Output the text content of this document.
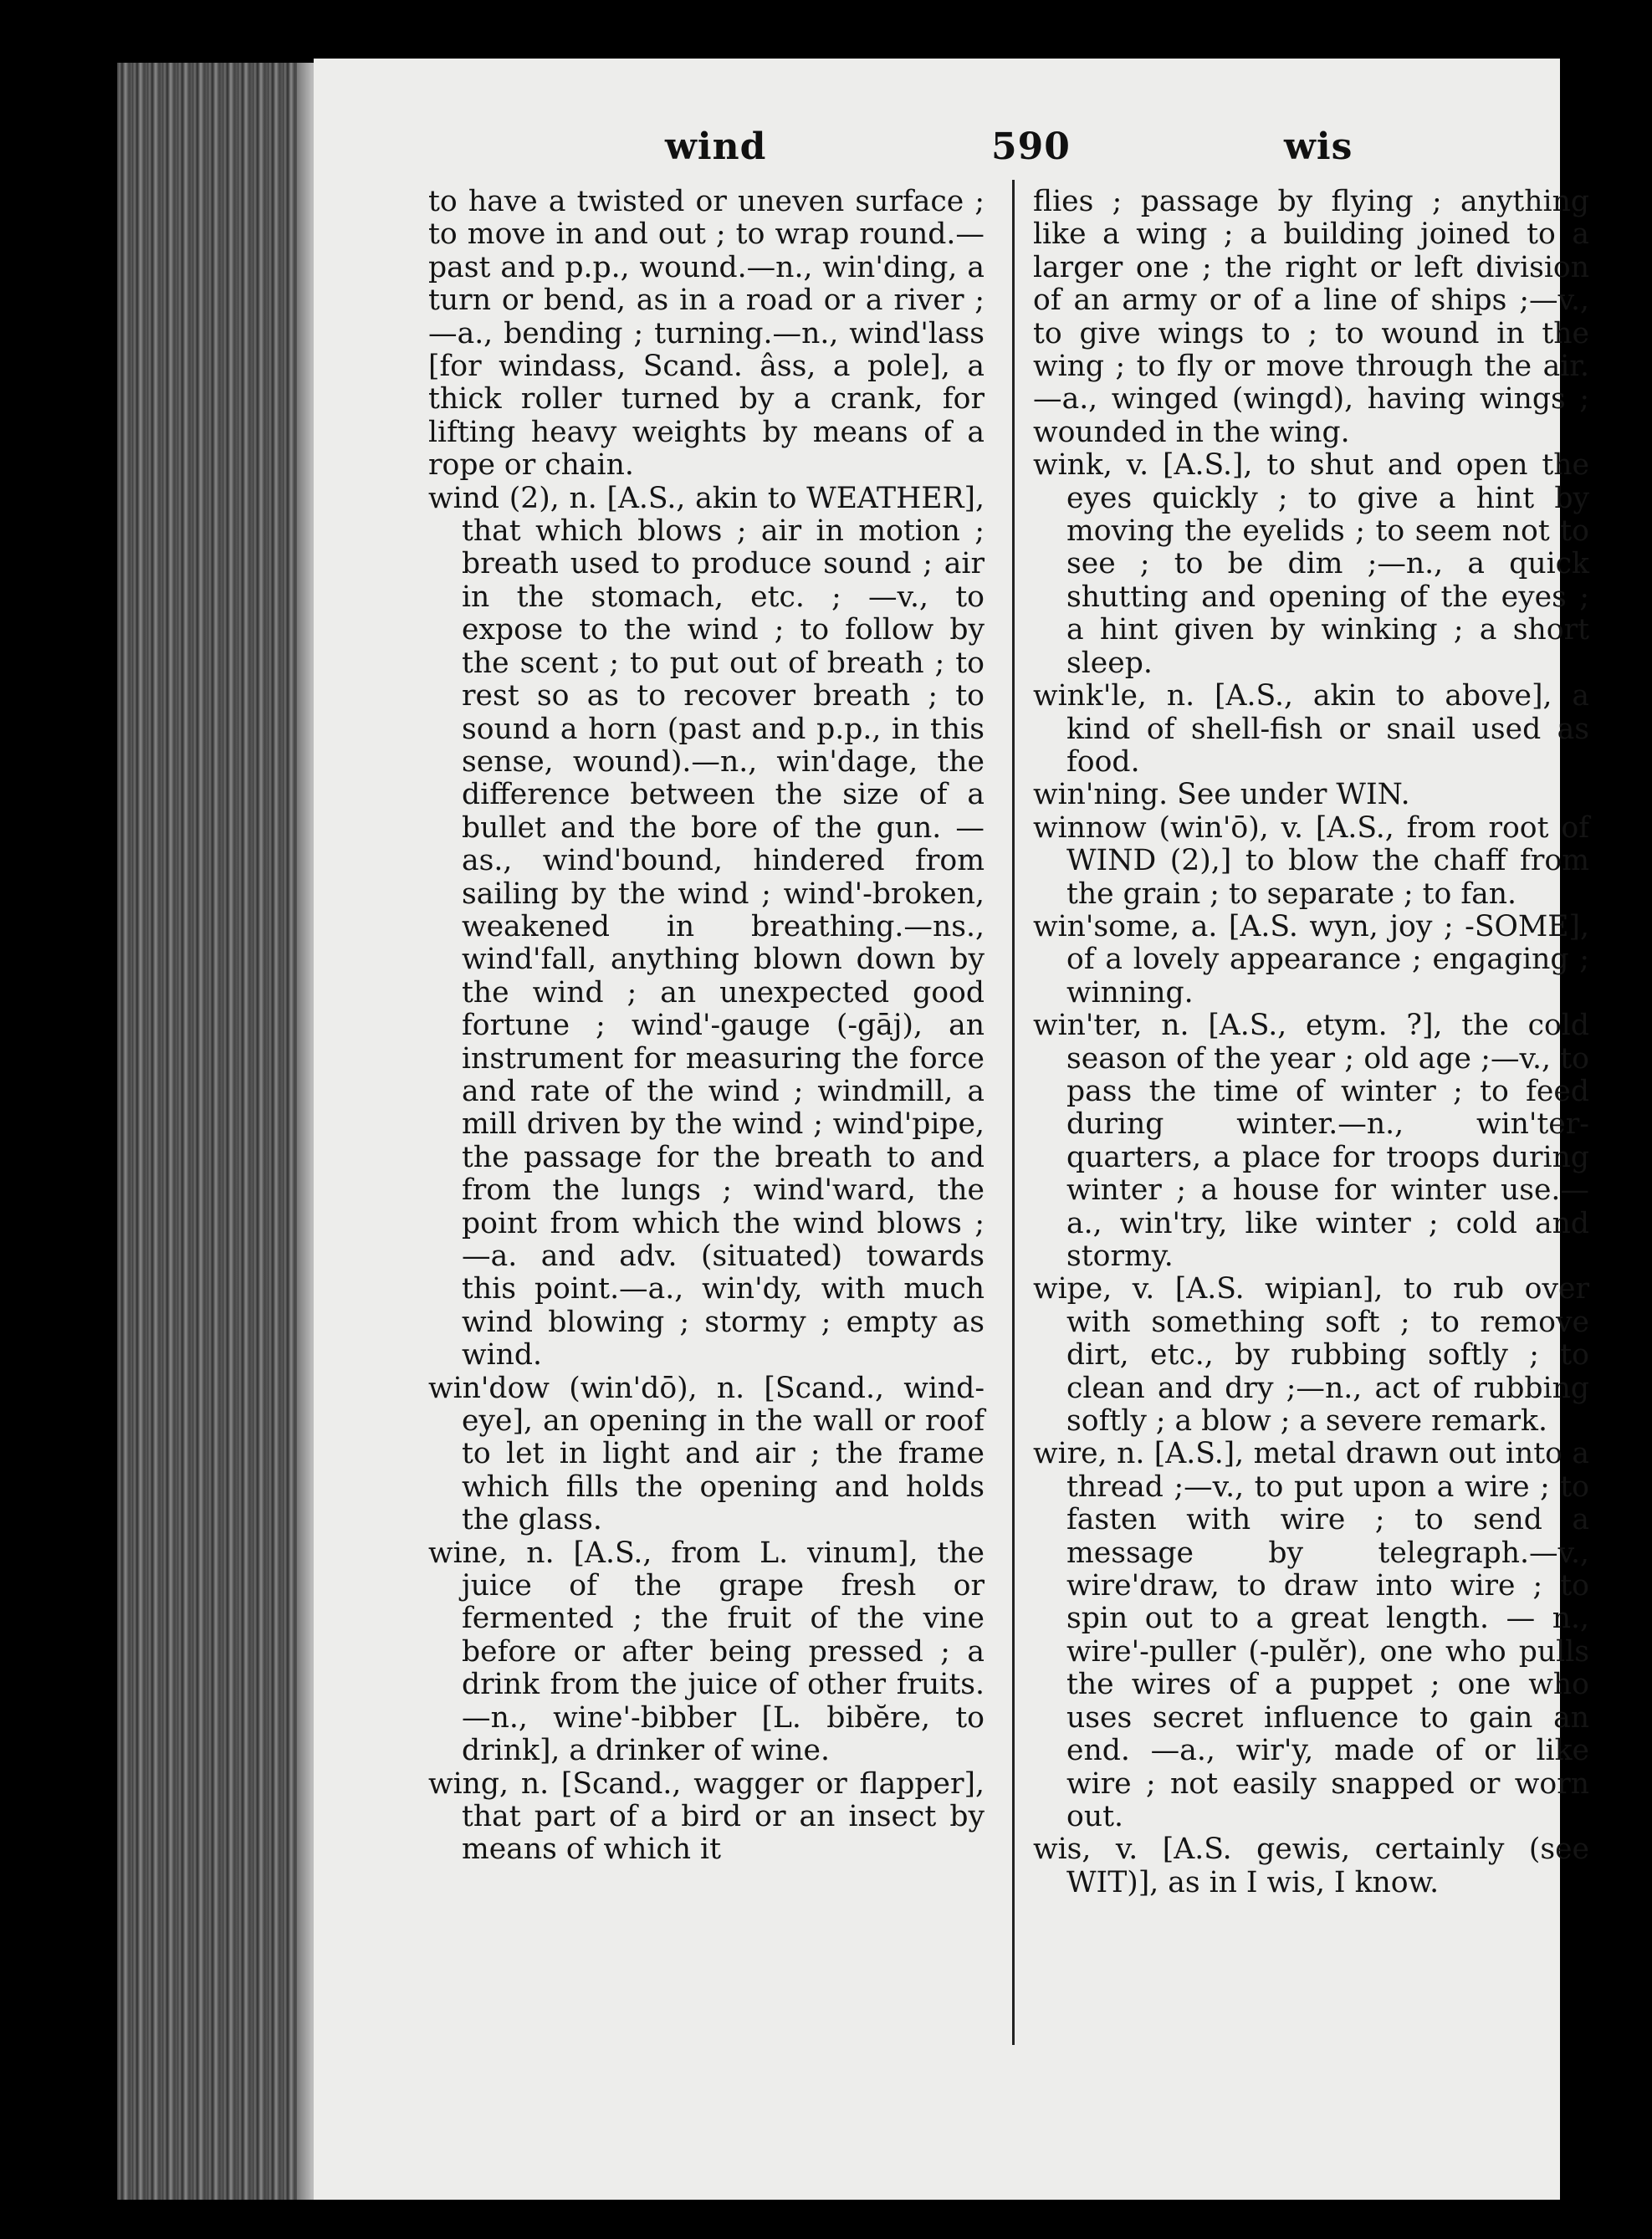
wind	590	wis
to have a twisted or uneven surface ; to move in and out ; to wrap round.—past and p.p., wound.—n., win'ding, a turn or bend, as in a road or a river ; —a., bending ; turning.—n., wind'lass [for windass, Scand. âss, a pole], a thick roller turned by a crank, for lifting heavy weights by means of a rope or chain.
wind (2), n. [A.S., akin to WEATHER], that which blows ; air in motion ; breath used to produce sound ; air in the stomach, etc. ; —v., to expose to the wind ; to follow by the scent ; to put out of breath ; to rest so as to recover breath ; to sound a horn (past and p.p., in this sense, wound).—n., win'dage, the difference between the size of a bullet and the bore of the gun. —as., wind'bound, hindered from sailing by the wind ; wind'-broken, weakened in breathing.—ns., wind'fall, anything blown down by the wind ; an unexpected good fortune ; wind'-gauge (-gāj), an instrument for measuring the force and rate of the wind ; windmill, a mill driven by the wind ; wind'pipe, the passage for the breath to and from the lungs ; wind'ward, the point from which the wind blows ;—a. and adv. (situated) towards this point.—a., win'dy, with much wind blowing ; stormy ; empty as wind.
win'dow (win'dō), n. [Scand., wind-eye], an opening in the wall or roof to let in light and air ; the frame which fills the opening and holds the glass.
wine, n. [A.S., from L. vinum], the juice of the grape fresh or fermented ; the fruit of the vine before or after being pressed ; a drink from the juice of other fruits.—n., wine'-bibber [L. bibĕre, to drink], a drinker of wine.
wing, n. [Scand., wagger or flapper], that part of a bird or an insect by means of which it
flies ; passage by flying ; anything like a wing ; a building joined to a larger one ; the right or left division of an army or of a line of ships ;—v., to give wings to ; to wound in the wing ; to fly or move through the air.—a., winged (wingd), having wings ; wounded in the wing.
wink, v. [A.S.], to shut and open the eyes quickly ; to give a hint by moving the eyelids ; to seem not to see ; to be dim ;—n., a quick shutting and opening of the eyes ; a hint given by winking ; a short sleep.
wink'le, n. [A.S., akin to above], a kind of shell-fish or snail used as food.
win'ning. See under WIN.
winnow (win'ō), v. [A.S., from root of WIND (2),] to blow the chaff from the grain ; to separate ; to fan.
win'some, a. [A.S. wyn, joy ; -SOME], of a lovely appearance ; engaging ; winning.
win'ter, n. [A.S., etym. ?], the cold season of the year ; old age ;—v., to pass the time of winter ; to feed during winter.—n., win'ter-quarters, a place for troops during winter ; a house for winter use.—a., win'try, like winter ; cold and stormy.
wipe, v. [A.S. wipian], to rub over with something soft ; to remove dirt, etc., by rubbing softly ; to clean and dry ;—n., act of rubbing softly ; a blow ; a severe remark.
wire, n. [A.S.], metal drawn out into a thread ;—v., to put upon a wire ; to fasten with wire ; to send a message by telegraph.—v., wire'draw, to draw into wire ; to spin out to a great length. — n., wire'-puller (-pulĕr), one who pulls the wires of a puppet ; one who uses secret influence to gain an end. —a., wir'y, made of or like wire ; not easily snapped or worn out.
wis, v. [A.S. gewis, certainly (see WIT)], as in I wis, I know.
